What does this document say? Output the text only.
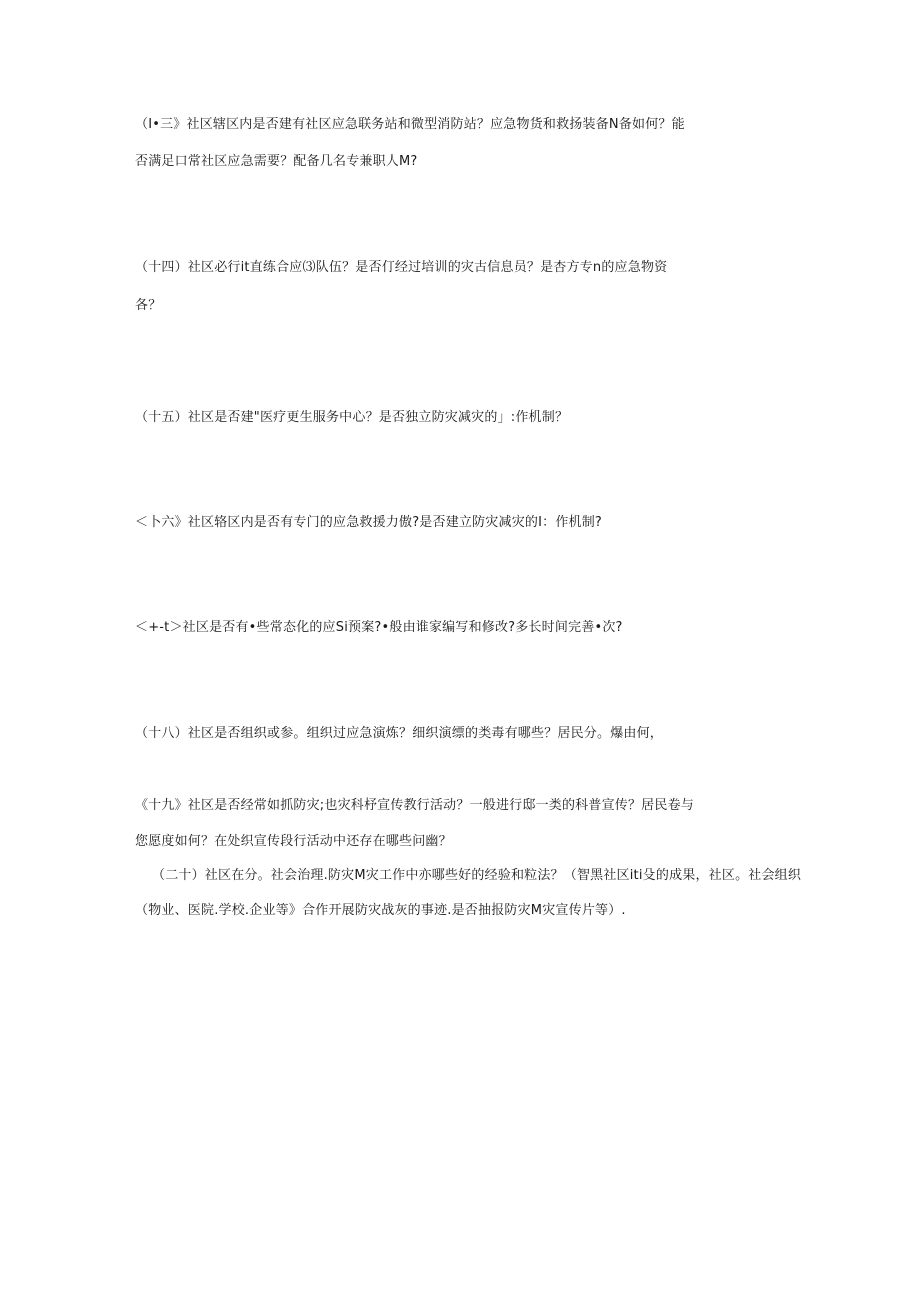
（I•三》社区辖区内是否建有社区应急联务站和微型消防站？应急物货和救扬装备N备如何？能
否满足口常社区应急需要？配备几名专兼职人M?
（十四）社区必行it直练合应⑶队伍？是否仃经过培训的灾古信息员？是杏方专n的应急物资
各？
（十五）社区是否建"医疗更生服务中心？是否独立防灾减灾的」:作机制？
＜卜六》社区辂区内是否有专门的应急救援力傲?是否建立防灾减灾的I：作机制?
＜+-t＞社区是否有•些常态化的应Si预案?•般由谁家编写和修改?多长时间完善•次?
（十八）社区是否组织或参。组织过应急演炼？细织演缥的类毒有哪些？居民分。爆由何，
《十九》社区是否经常如抓防灾;也灾科杼宣传教行活动？一般进行邸一类的科普宣传？居民卷与
您愿度如何？在处织宣传段行活动中还存在哪些问幽？
（二十）社区在分。社会治理.防灾M灾工作中亦哪些好的经验和粒法？（智黑社区iti殳的成果，社区。社会组织
（物业、医院.学校.企业等》合作开展防灾战灰的事迹.是否抽报防灾M灾宣传片等）.
